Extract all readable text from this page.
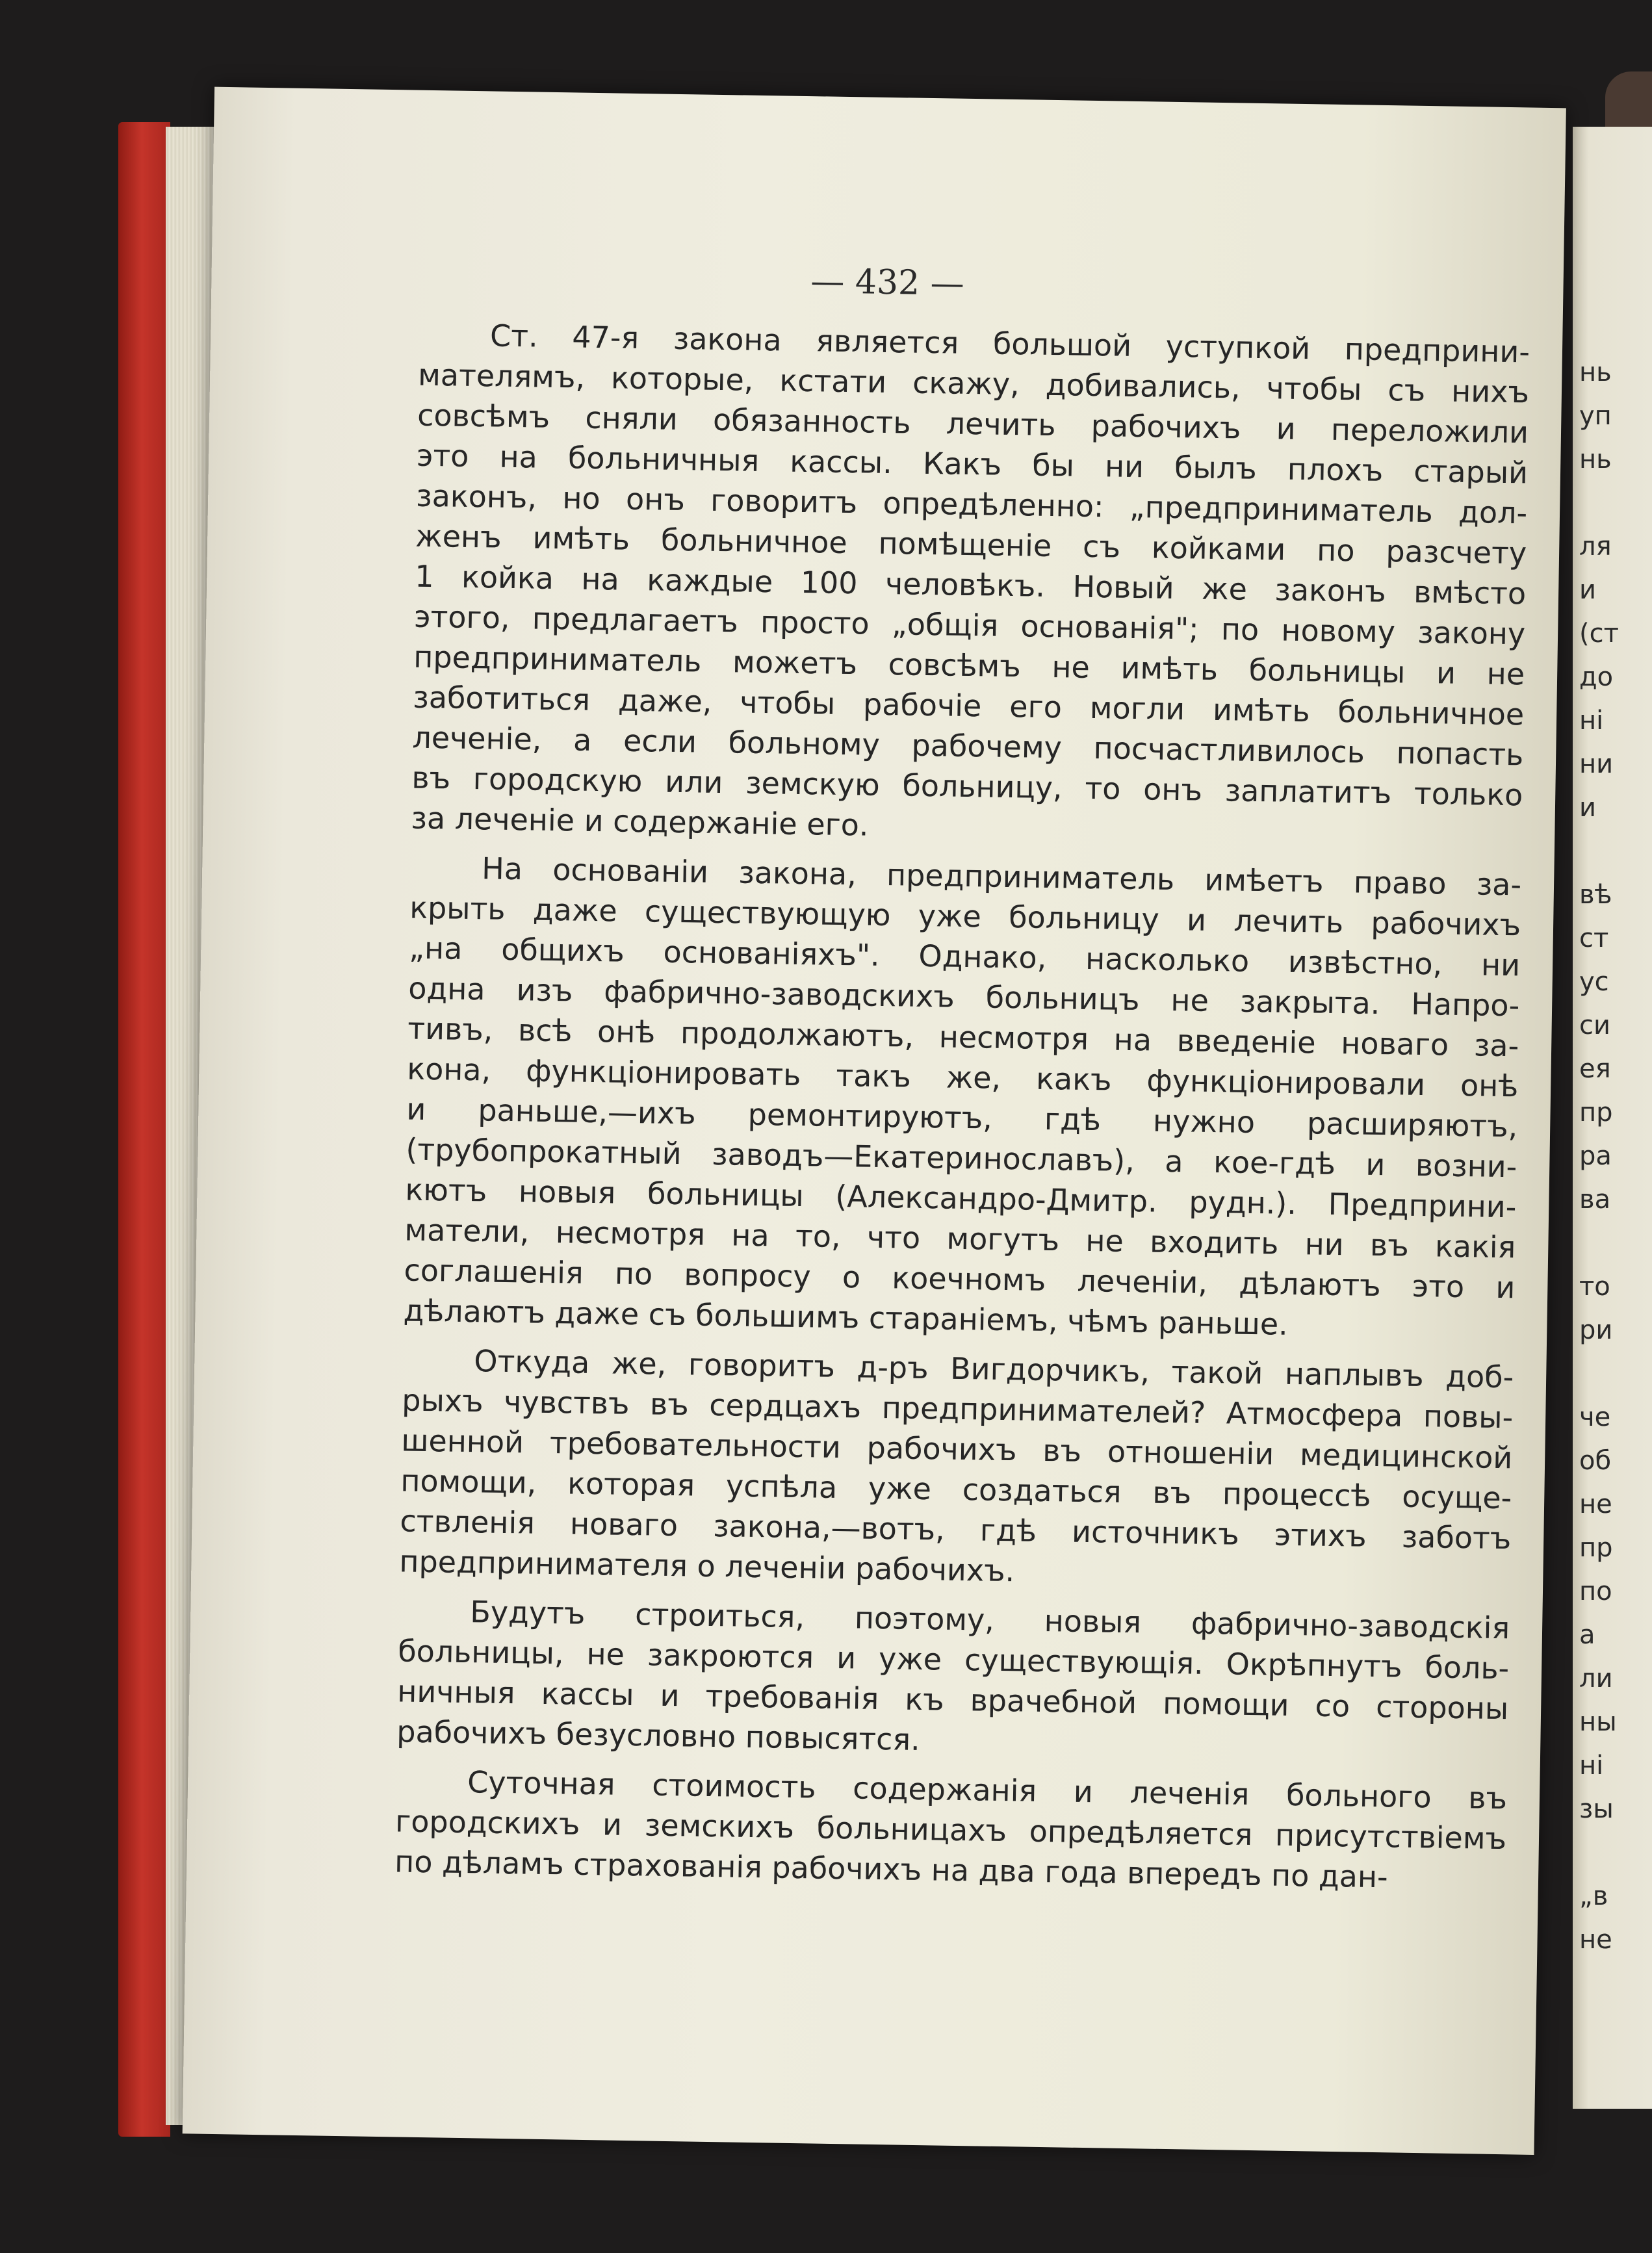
нь
уп
нь
ля
и
(ст
до
ні
ни
и
вѣ
ст
ус
си
ея
пр
ра
ва
то
ри
че
об
не
пр
по
а
ли
ны
ні
зы
„в
не
— 432 —
Ст. 47-я закона является большой уступкой предприни-
мателямъ, которые, кстати скажу, добивались, чтобы съ нихъ
совсѣмъ сняли обязанность лечить рабочихъ и переложили
это на больничныя кассы. Какъ бы ни былъ плохъ старый
законъ, но онъ говоритъ опредѣленно: „предприниматель дол-
женъ имѣть больничное помѣщеніе съ койками по разсчету
1 койка на каждые 100 человѣкъ. Новый же законъ вмѣсто
этого, предлагаетъ просто „общія основанія"; по новому закону
предприниматель можетъ совсѣмъ не имѣть больницы и не
заботиться даже, чтобы рабочіе его могли имѣть больничное
леченіе, а если больному рабочему посчастливилось попасть
въ городскую или земскую больницу, то онъ заплатитъ только
за леченіе и содержаніе его.
На основаніи закона, предприниматель имѣетъ право за-
крыть даже существующую уже больницу и лечить рабочихъ
„на общихъ основаніяхъ". Однако, насколько извѣстно, ни
одна изъ фабрично-заводскихъ больницъ не закрыта. Напро-
тивъ, всѣ онѣ продолжаютъ, несмотря на введеніе новаго за-
кона, функціонировать такъ же, какъ функціонировали онѣ
и раньше,—ихъ ремонтируютъ, гдѣ нужно расширяютъ,
(трубопрокатный заводъ—Екатеринославъ), а кое-гдѣ и возни-
кютъ новыя больницы (Александро-Дмитр. рудн.). Предприни-
матели, несмотря на то, что могутъ не входить ни въ какія
соглашенія по вопросу о коечномъ леченіи, дѣлаютъ это и
дѣлаютъ даже съ большимъ стараніемъ, чѣмъ раньше.
Откуда же, говоритъ д-ръ Вигдорчикъ, такой наплывъ доб-
рыхъ чувствъ въ сердцахъ предпринимателей? Атмосфера повы-
шенной требовательности рабочихъ въ отношеніи медицинской
помощи, которая успѣла уже создаться въ процессѣ осуще-
ствленія новаго закона,—вотъ, гдѣ источникъ этихъ заботъ
предпринимателя о леченіи рабочихъ.
Будутъ строиться, поэтому, новыя фабрично-заводскія
больницы, не закроются и уже существующія. Окрѣпнутъ боль-
ничныя кассы и требованія къ врачебной помощи со стороны
рабочихъ безусловно повысятся.
Суточная стоимость содержанія и леченія больного въ
городскихъ и земскихъ больницахъ опредѣляется присутствіемъ
по дѣламъ страхованія рабочихъ на два года впередъ по дан-
